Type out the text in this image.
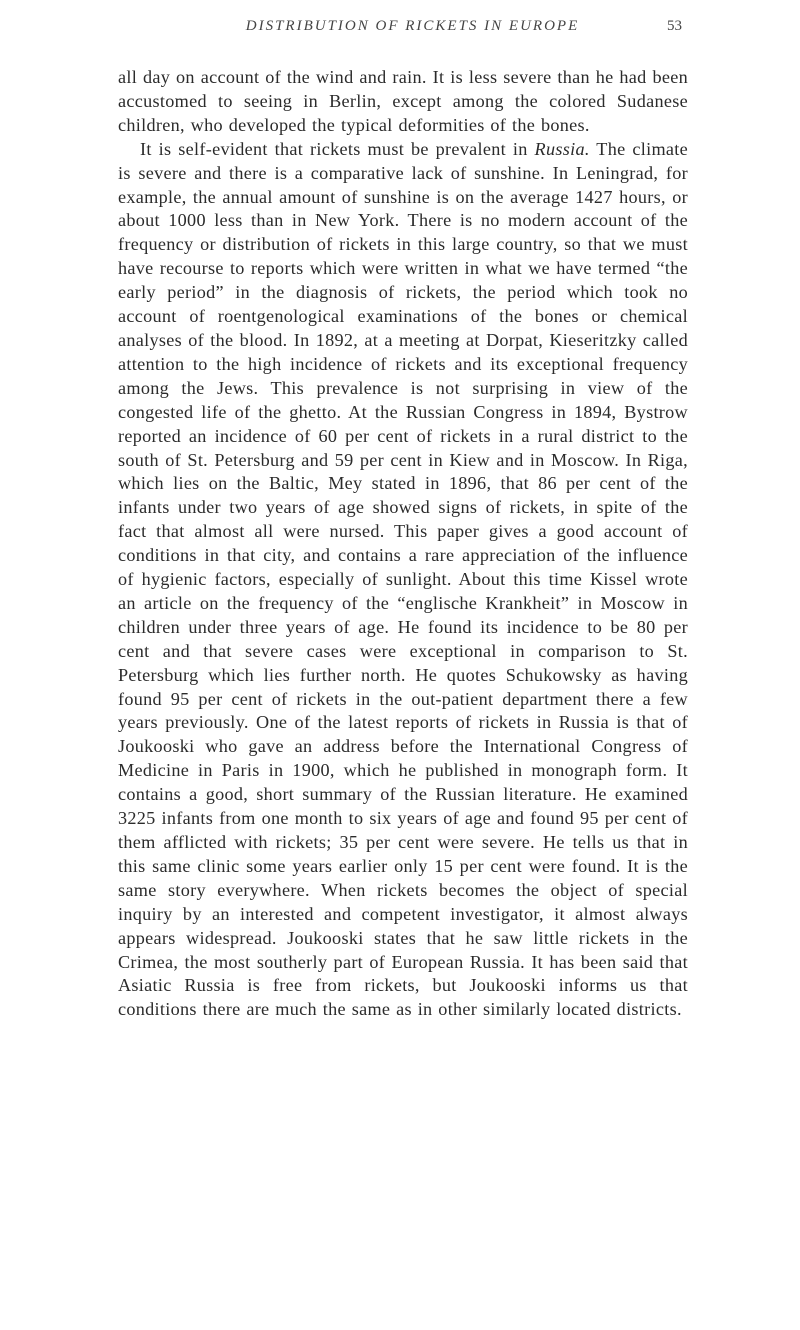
DISTRIBUTION OF RICKETS IN EUROPE	53

all day on account of the wind and rain. It is less severe than he had been accustomed to seeing in Berlin, except among the colored Sudanese children, who developed the typical deformities of the bones.

It is self-evident that rickets must be prevalent in Russia. The climate is severe and there is a comparative lack of sunshine. In Leningrad, for example, the annual amount of sunshine is on the average 1427 hours, or about 1000 less than in New York. There is no modern account of the frequency or distribution of rickets in this large country, so that we must have recourse to reports which were written in what we have termed “the early period” in the diagnosis of rickets, the period which took no account of roentgenological examinations of the bones or chemical analyses of the blood. In 1892, at a meeting at Dorpat, Kieseritzky called attention to the high incidence of rickets and its exceptional frequency among the Jews. This prevalence is not surprising in view of the congested life of the ghetto. At the Russian Congress in 1894, Bystrow reported an incidence of 60 per cent of rickets in a rural district to the south of St. Petersburg and 59 per cent in Kiew and in Moscow. In Riga, which lies on the Baltic, Mey stated in 1896, that 86 per cent of the infants under two years of age showed signs of rickets, in spite of the fact that almost all were nursed. This paper gives a good account of conditions in that city, and contains a rare appreciation of the influence of hygienic factors, especially of sunlight. About this time Kissel wrote an article on the frequency of the “englische Krankheit” in Moscow in children under three years of age. He found its incidence to be 80 per cent and that severe cases were exceptional in comparison to St. Petersburg which lies further north. He quotes Schukowsky as having found 95 per cent of rickets in the out-patient department there a few years previously. One of the latest reports of rickets in Russia is that of Joukooski who gave an address before the International Congress of Medicine in Paris in 1900, which he published in monograph form. It contains a good, short summary of the Russian literature. He examined 3225 infants from one month to six years of age and found 95 per cent of them afflicted with rickets; 35 per cent were severe. He tells us that in this same clinic some years earlier only 15 per cent were found. It is the same story everywhere. When rickets becomes the object of special inquiry by an interested and competent investigator, it almost always appears widespread. Joukooski states that he saw little rickets in the Crimea, the most southerly part of European Russia. It has been said that Asiatic Russia is free from rickets, but Joukooski informs us that conditions there are much the same as in other similarly located districts.
